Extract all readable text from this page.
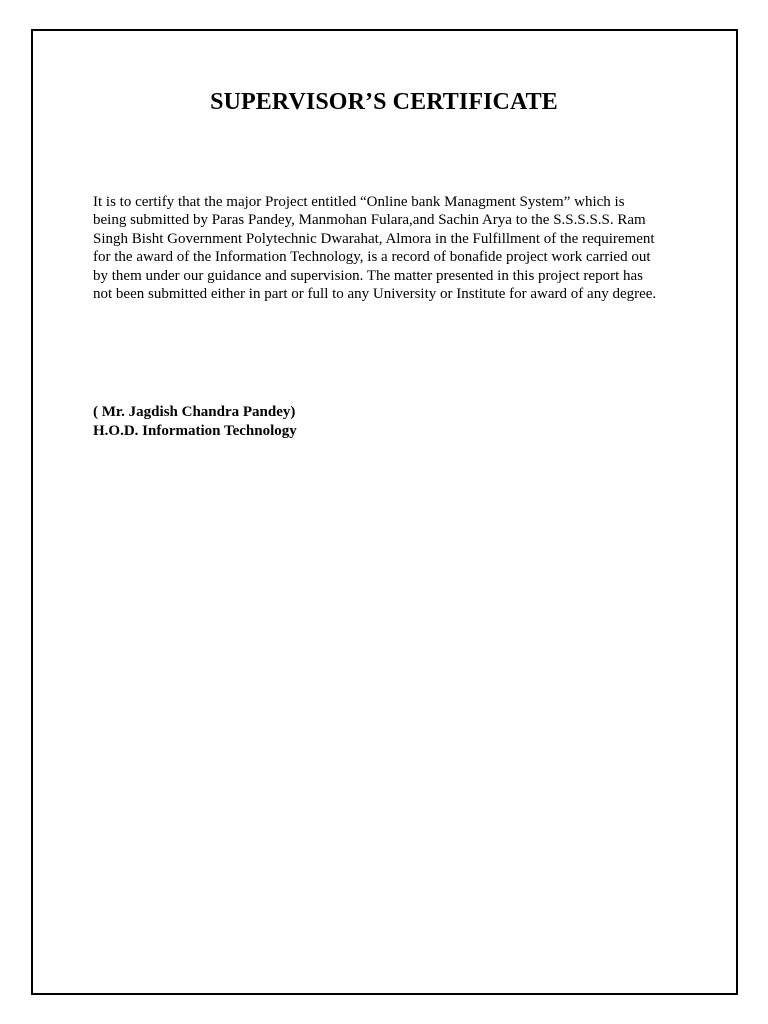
SUPERVISOR’S CERTIFICATE

It is to certify that the major Project entitled “Online bank Managment System” which is
being submitted by Paras Pandey, Manmohan Fulara,and Sachin Arya to the S.S.S.S.S. Ram
Singh Bisht Government Polytechnic Dwarahat, Almora in the Fulfillment of the requirement
for the award of the Information Technology, is a record of bonafide project work carried out
by them under our guidance and supervision. The matter presented in this project report has
not been submitted either in part or full to any University or Institute for award of any degree.

( Mr. Jagdish Chandra Pandey)
H.O.D. Information Technology
